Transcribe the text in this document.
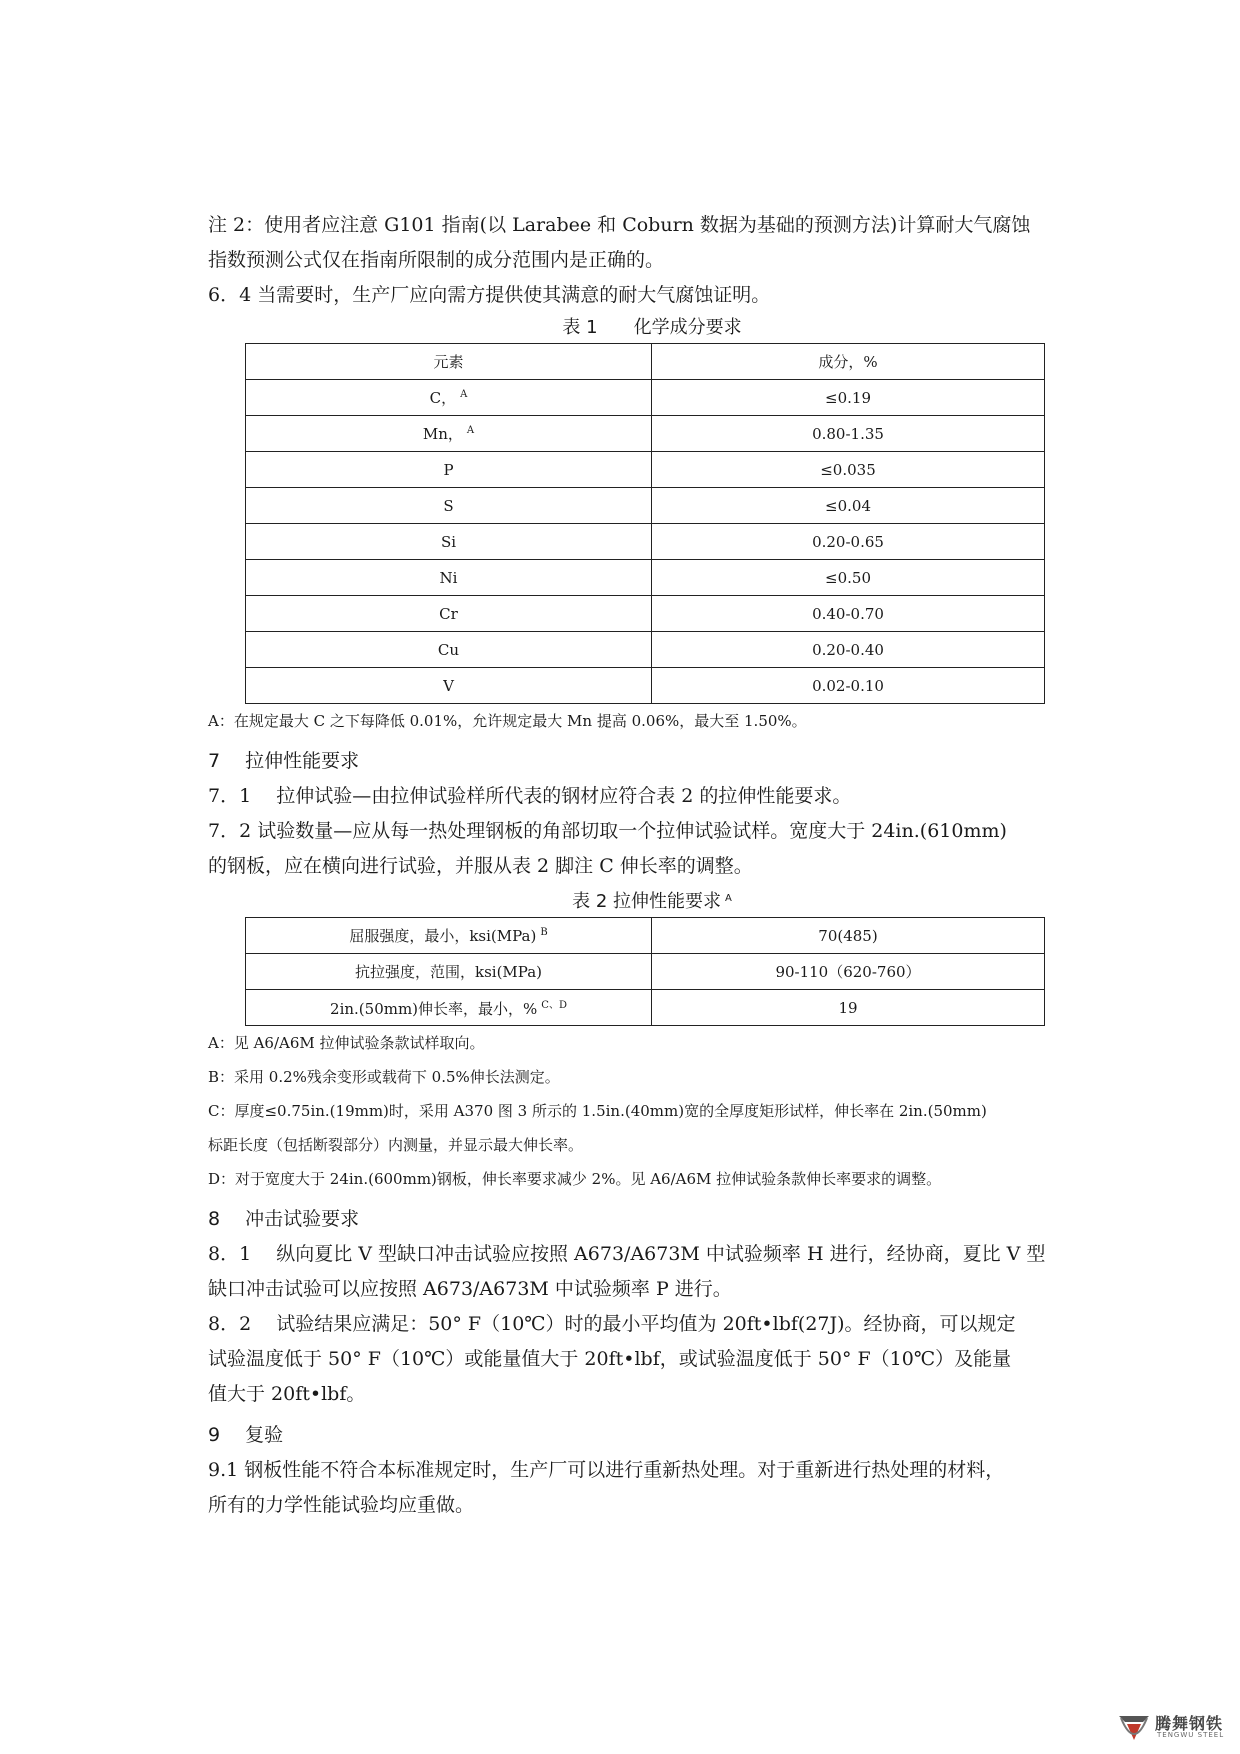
注 2：使用者应注意 G101 指南(以 Larabee 和 Coburn 数据为基础的预测方法)计算耐大气腐蚀

指数预测公式仅在指南所限制的成分范围内是正确的。

6．4 当需要时，生产厂应向需方提供使其满意的耐大气腐蚀证明。

表 1　　化学成分要求
元素	成分，%
C， $^A$	≤0.19
Mn， $^A$	0.80-1.35
P	≤0.035
S	≤0.04
Si	0.20-0.65
Ni	≤0.50
Cr	0.40-0.70
Cu	0.20-0.40
V	0.02-0.10

A：在规定最大 C 之下每降低 0.01%，允许规定最大 Mn 提高 0.06%，最大至 1.50%。

7　 拉伸性能要求

7．1　 拉伸试验—由拉伸试验样所代表的钢材应符合表 2 的拉伸性能要求。

7．2 试验数量—应从每一热处理钢板的角部切取一个拉伸试验试样。宽度大于 24in.(610mm)

的钢板，应在横向进行试验，并服从表 2 脚注 C 伸长率的调整。

表 2 拉伸性能要求 $^A$
屈服强度，最小，ksi(MPa) $^B$	70(485)
抗拉强度，范围，ksi(MPa)	90-110（620-760）
2in.(50mm)伸长率，最小，% $^{C、D}$	19

A：见 A6/A6M 拉伸试验条款试样取向。

B：采用 0.2%残余变形或载荷下 0.5%伸长法测定。

C：厚度≤0.75in.(19mm)时，采用 A370 图 3 所示的 1.5in.(40mm)宽的全厚度矩形试样，伸长率在 2in.(50mm)

标距长度（包括断裂部分）内测量，并显示最大伸长率。

D：对于宽度大于 24in.(600mm)钢板，伸长率要求减少 2%。见 A6/A6M 拉伸试验条款伸长率要求的调整。

8　 冲击试验要求

8．1　 纵向夏比 V 型缺口冲击试验应按照 A673/A673M 中试验频率 H 进行，经协商，夏比 V 型

缺口冲击试验可以应按照 A673/A673M 中试验频率 P 进行。

8．2　 试验结果应满足：50° F（10℃）时的最小平均值为 20ft•lbf(27J)。经协商，可以规定

试验温度低于 50° F（10℃）或能量值大于 20ft•lbf，或试验温度低于 50° F（10℃）及能量

值大于 20ft•lbf。

9　 复验

9.1 钢板性能不符合本标准规定时，生产厂可以进行重新热处理。对于重新进行热处理的材料，

所有的力学性能试验均应重做。

腾舞钢铁
TENGWU STEEL
